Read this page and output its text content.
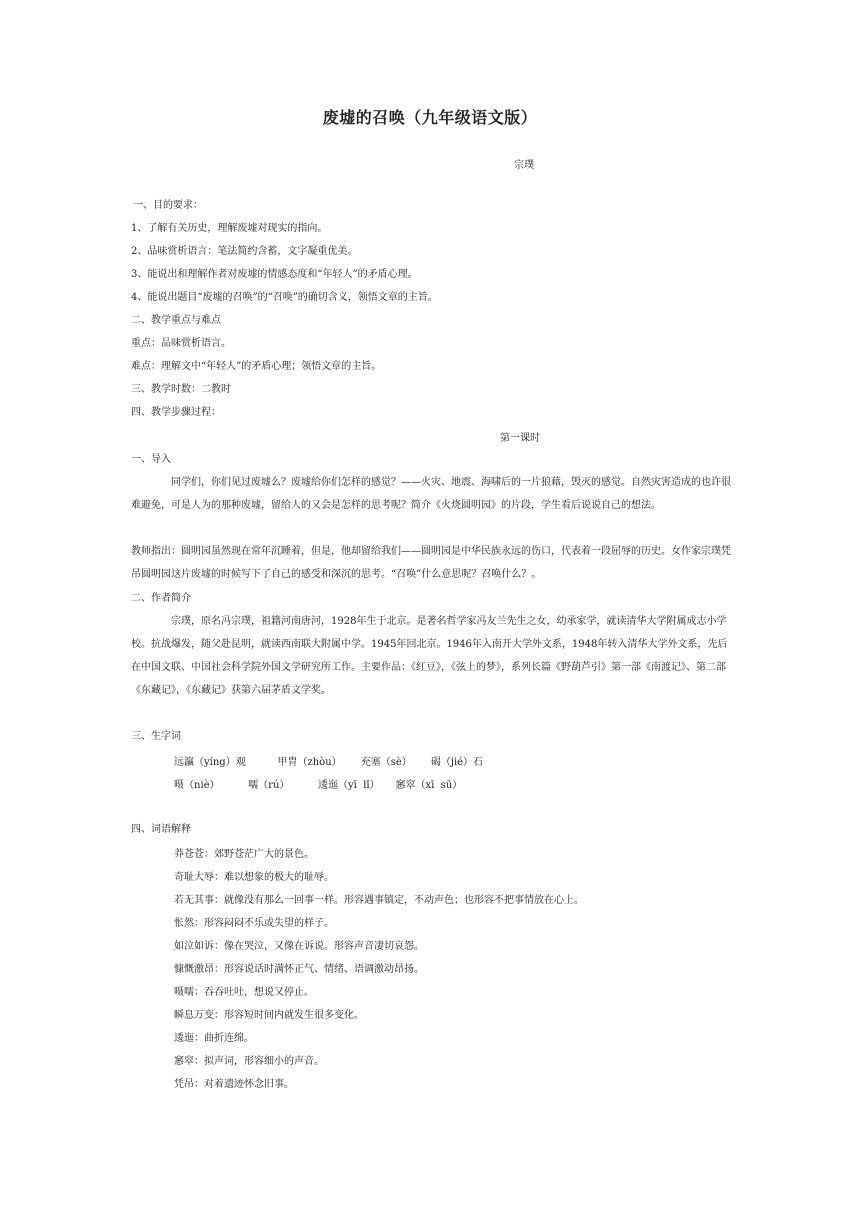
废墟的召唤（九年级语文版）
宗璞
一、目的要求：
1、了解有关历史，理解废墟对现实的指向。
2、品味赏析语言：笔法简约含蓄，文字凝重优美。
3、能说出和理解作者对废墟的情感态度和“年轻人”的矛盾心理。
4、能说出题目“废墟的召唤”的“召唤”的确切含义，领悟文章的主旨。
二、教学重点与难点
重点：品味赏析语言。
难点：理解文中“年轻人”的矛盾心理；领悟文章的主旨。
三、教学时数：二教时
四、教学步骤过程：
第一课时
一、导入
同学们，你们见过废墟么？废墟给你们怎样的感觉？——火灾、地震、海啸后的一片狼藉，毁灭的感觉。自然灾害造成的也许很难避免，可是人为的那种废墟，留给人的又会是怎样的思考呢？简介《火烧圆明园》的片段，学生看后说说自己的想法。
教师指出：圆明园虽然现在常年沉睡着，但是，他却留给我们——圆明园是中华民族永远的伤口，代表着一段屈辱的历史。女作家宗璞凭吊圆明园这片废墟的时候写下了自己的感受和深沉的思考。“召唤”什么意思呢？召唤什么？。
二、作者简介
宗璞，原名冯宗璞，祖籍河南唐河，1928年生于北京。是著名哲学家冯友兰先生之女，幼承家学，就读清华大学附属成志小学校。抗战爆发，随父赴昆明，就读西南联大附属中学。1945年回北京。1946年入南开大学外文系，1948年转入清华大学外文系，先后在中国文联、中国社会科学院外国文学研究所工作。主要作品：《红豆》，《弦上的梦》，系列长篇《野葫芦引》第一部《南渡记》、第二部《东藏记》，《东藏记》获第六届茅盾文学奖。
三、生字词
远瀛（yíng）观          甲胄（zhòu）      充塞（sè）      碣（jié）石
嗫（niè）         嚅（rú）         逶迤（yī  lǐ）     窸窣（xī  sū）
四、词语解释
莽苍苍：郊野苍茫广大的景色。
奇耻大辱：难以想象的极大的耻辱。
若无其事：就像没有那么一回事一样。形容遇事镇定，不动声色；也形容不把事情放在心上。
怅然：形容闷闷不乐或失望的样子。
如泣如诉：像在哭泣，又像在诉说。形容声音凄切哀怨。
慷慨激昂：形容说话时满怀正气、情绪、语调激动昂扬。
嗫嚅：吞吞吐吐，想说又停止。
瞬息万变：形容短时间内就发生很多变化。
逶迤：曲折连绵。
窸窣：拟声词，形容细小的声音。
凭吊：对着遗迹怀念旧事。
